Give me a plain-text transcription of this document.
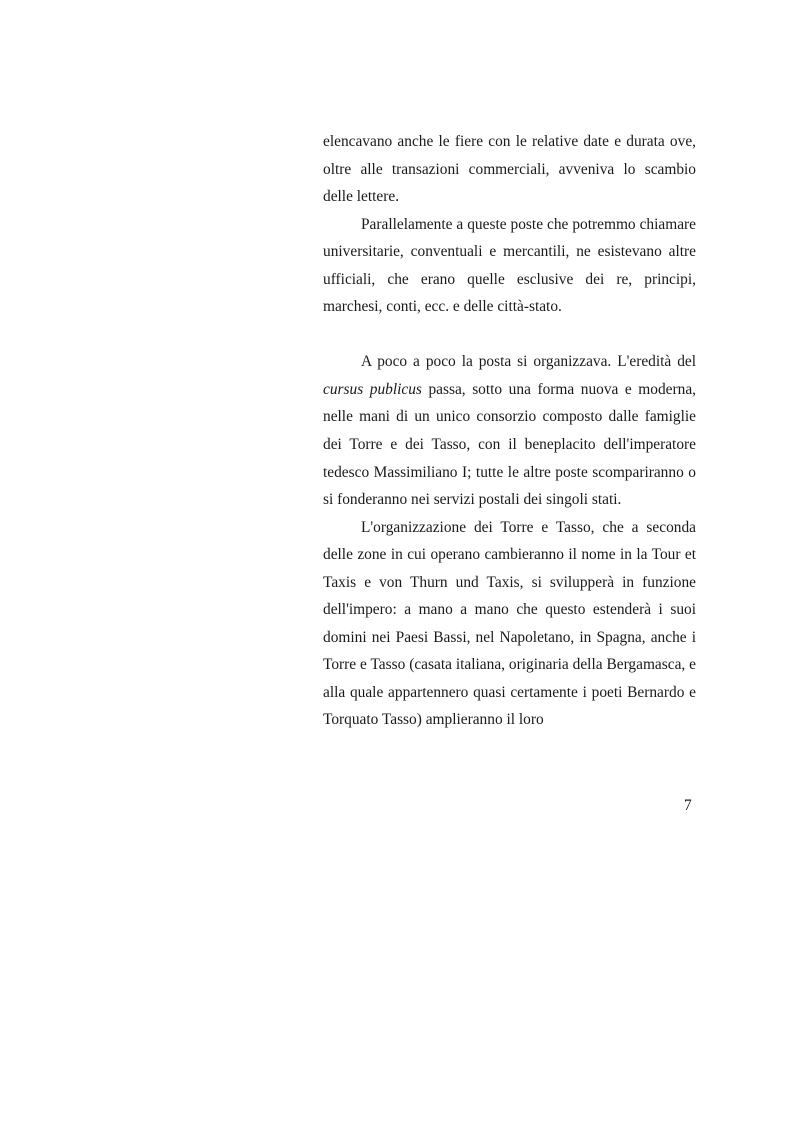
elencavano anche le fiere con le relative date e durata ove, oltre alle transazioni commerciali, avveniva lo scambio delle lettere.

Parallelamente a queste poste che potremmo chiamare universitarie, conventuali e mercantili, ne esistevano altre ufficiali, che erano quelle esclusive dei re, principi, marchesi, conti, ecc. e delle città-stato.

A poco a poco la posta si organizzava. L'eredità del cursus publicus passa, sotto una forma nuova e moderna, nelle mani di un unico consorzio composto dalle famiglie dei Torre e dei Tasso, con il beneplacito dell'imperatore tedesco Massimiliano I; tutte le altre poste scompariranno o si fonderanno nei servizi postali dei singoli stati.

L'organizzazione dei Torre e Tasso, che a seconda delle zone in cui operano cambieranno il nome in la Tour et Taxis e von Thurn und Taxis, si svilupperà in funzione dell'impero: a mano a mano che questo estenderà i suoi domini nei Paesi Bassi, nel Napoletano, in Spagna, anche i Torre e Tasso (casata italiana, originaria della Bergamasca, e alla quale appartennero quasi certamente i poeti Bernardo e Torquato Tasso) amplieranno il loro

7
